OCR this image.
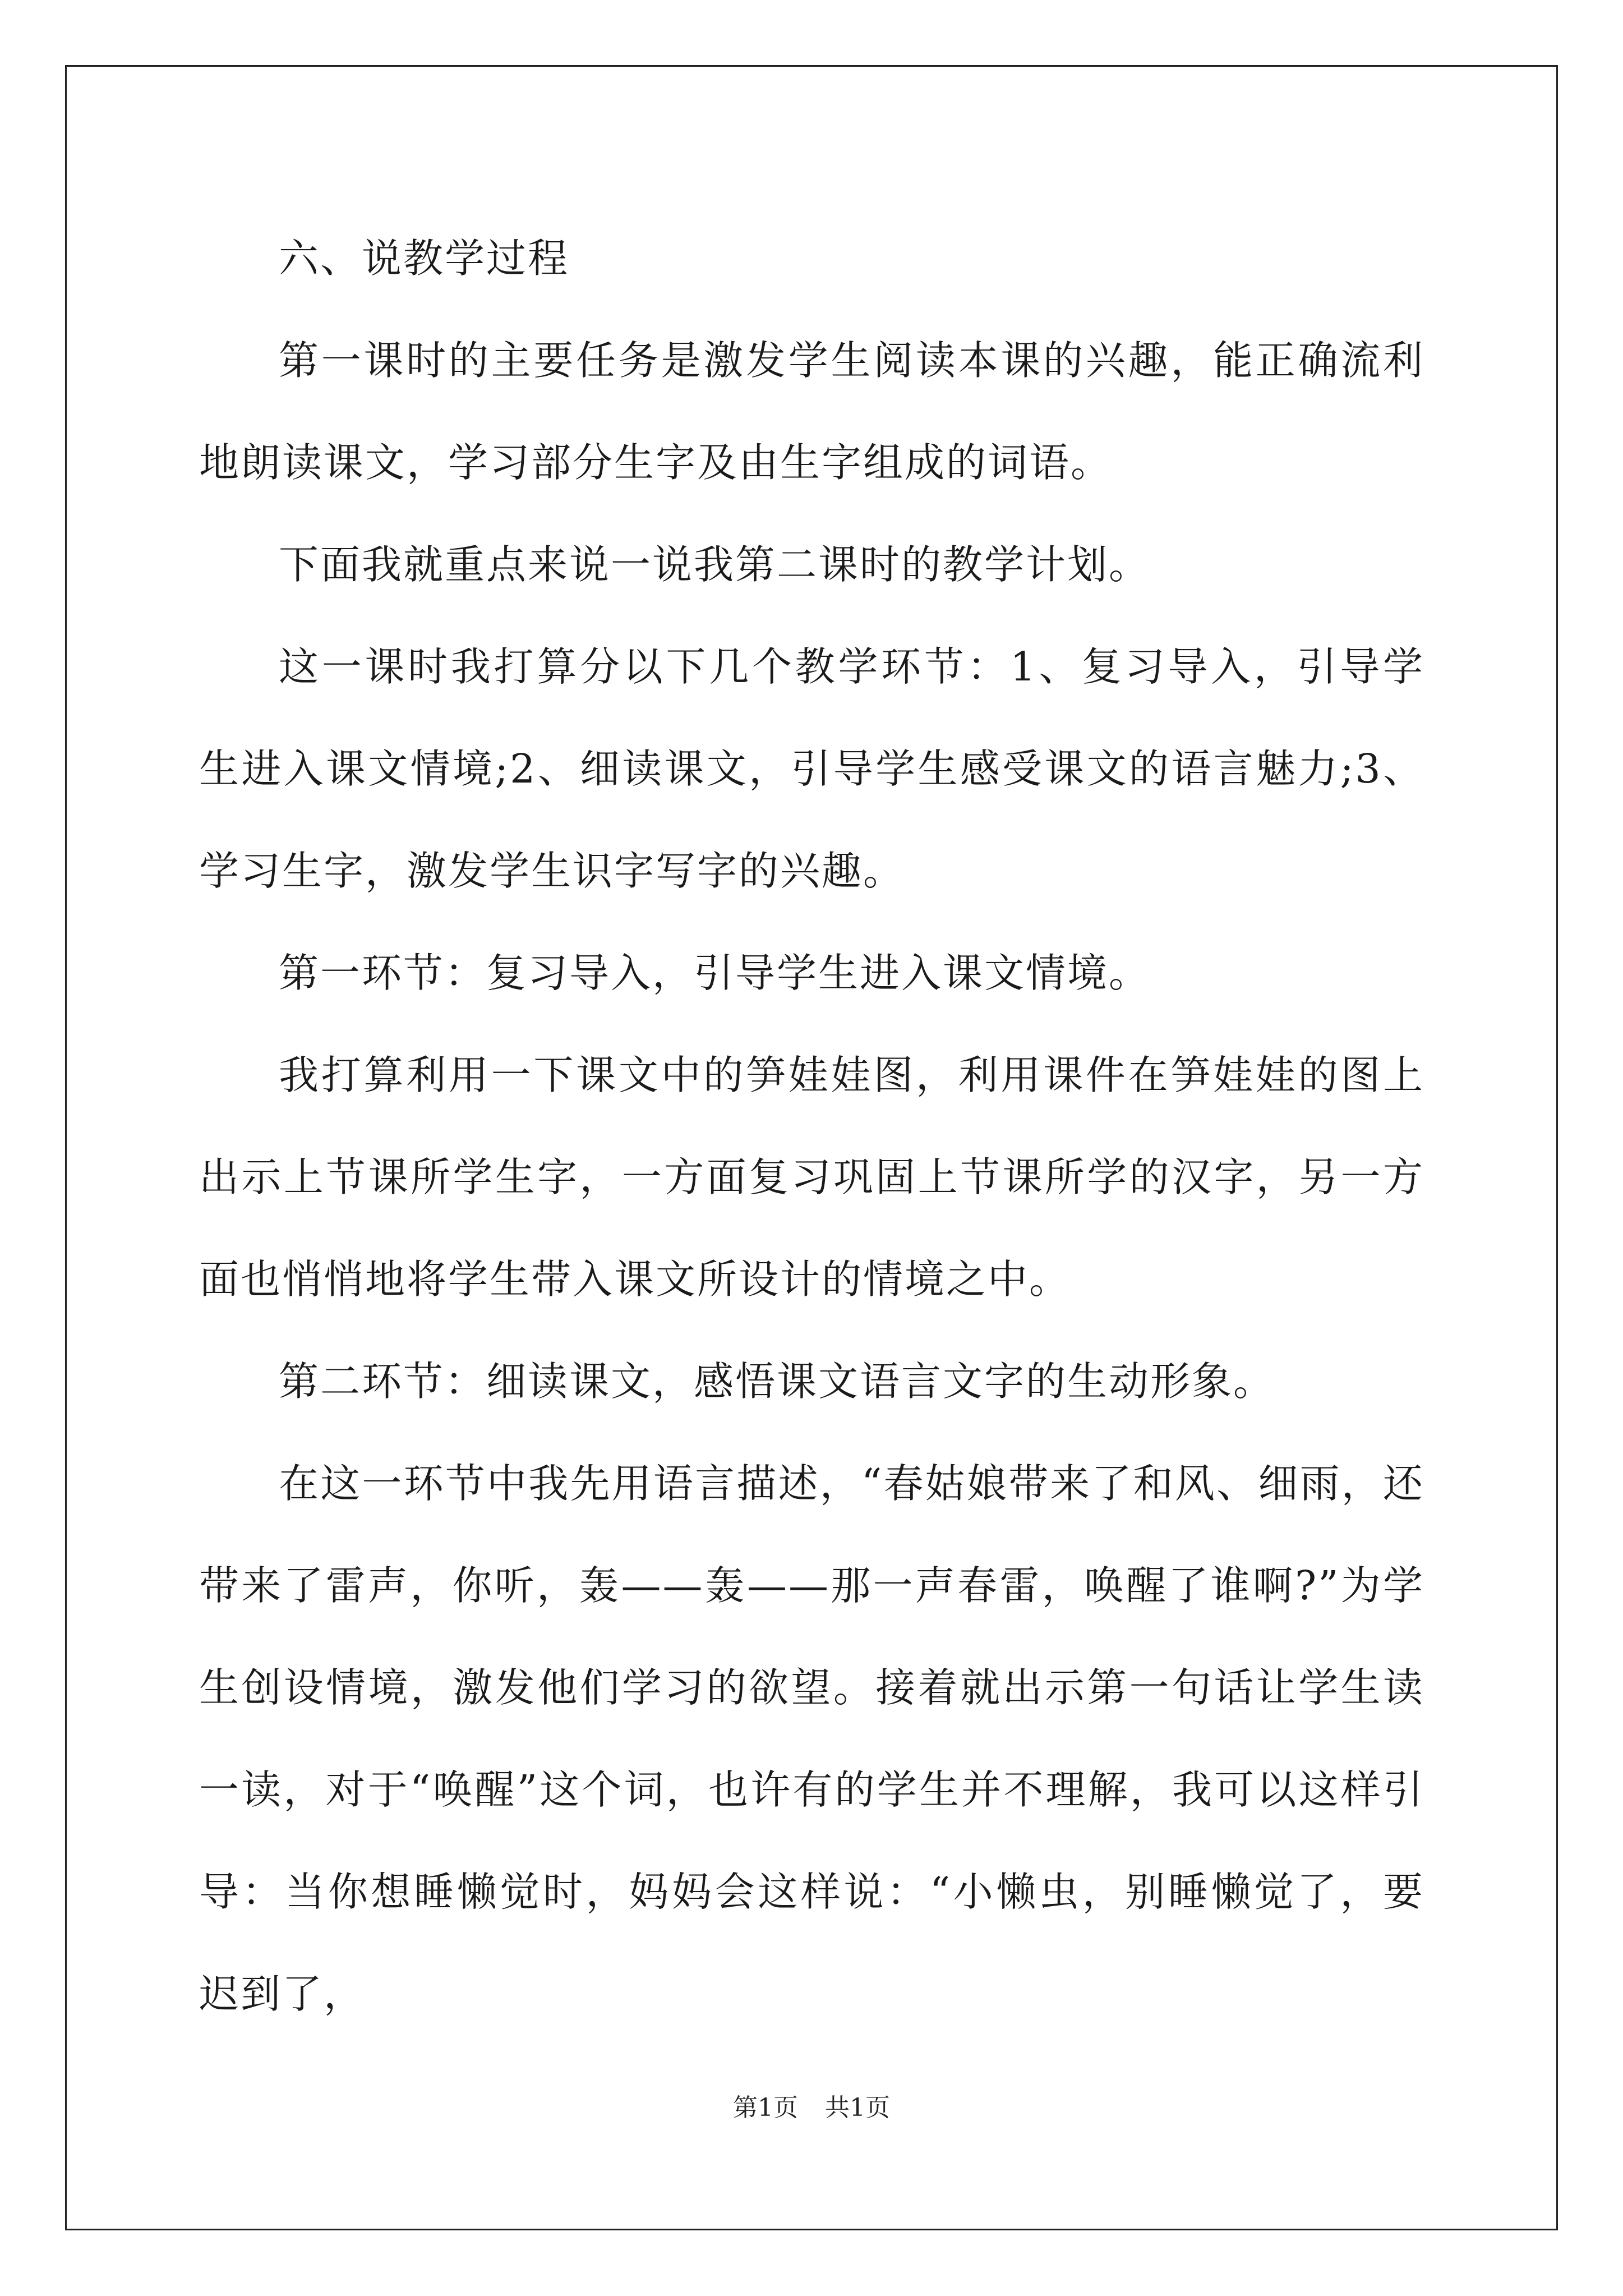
六、说教学过程

第一课时的主要任务是激发学生阅读本课的兴趣，能正确流利地朗读课文，学习部分生字及由生字组成的词语。

下面我就重点来说一说我第二课时的教学计划。

这一课时我打算分以下几个教学环节：1、复习导入，引导学生进入课文情境;2、细读课文，引导学生感受课文的语言魅力;3、学习生字，激发学生识字写字的兴趣。

第一环节：复习导入，引导学生进入课文情境。

我打算利用一下课文中的笋娃娃图，利用课件在笋娃娃的图上出示上节课所学生字，一方面复习巩固上节课所学的汉字，另一方面也悄悄地将学生带入课文所设计的情境之中。

第二环节：细读课文，感悟课文语言文字的生动形象。

在这一环节中我先用语言描述，“春姑娘带来了和风、细雨，还带来了雷声，你听，轰——轰——那一声春雷，唤醒了谁啊?”为学生创设情境，激发他们学习的欲望。接着就出示第一句话让学生读一读，对于“唤醒”这个词，也许有的学生并不理解，我可以这样引导：当你想睡懒觉时，妈妈会这样说：“小懒虫，别睡懒觉了，要迟到了，

第1页 共1页
